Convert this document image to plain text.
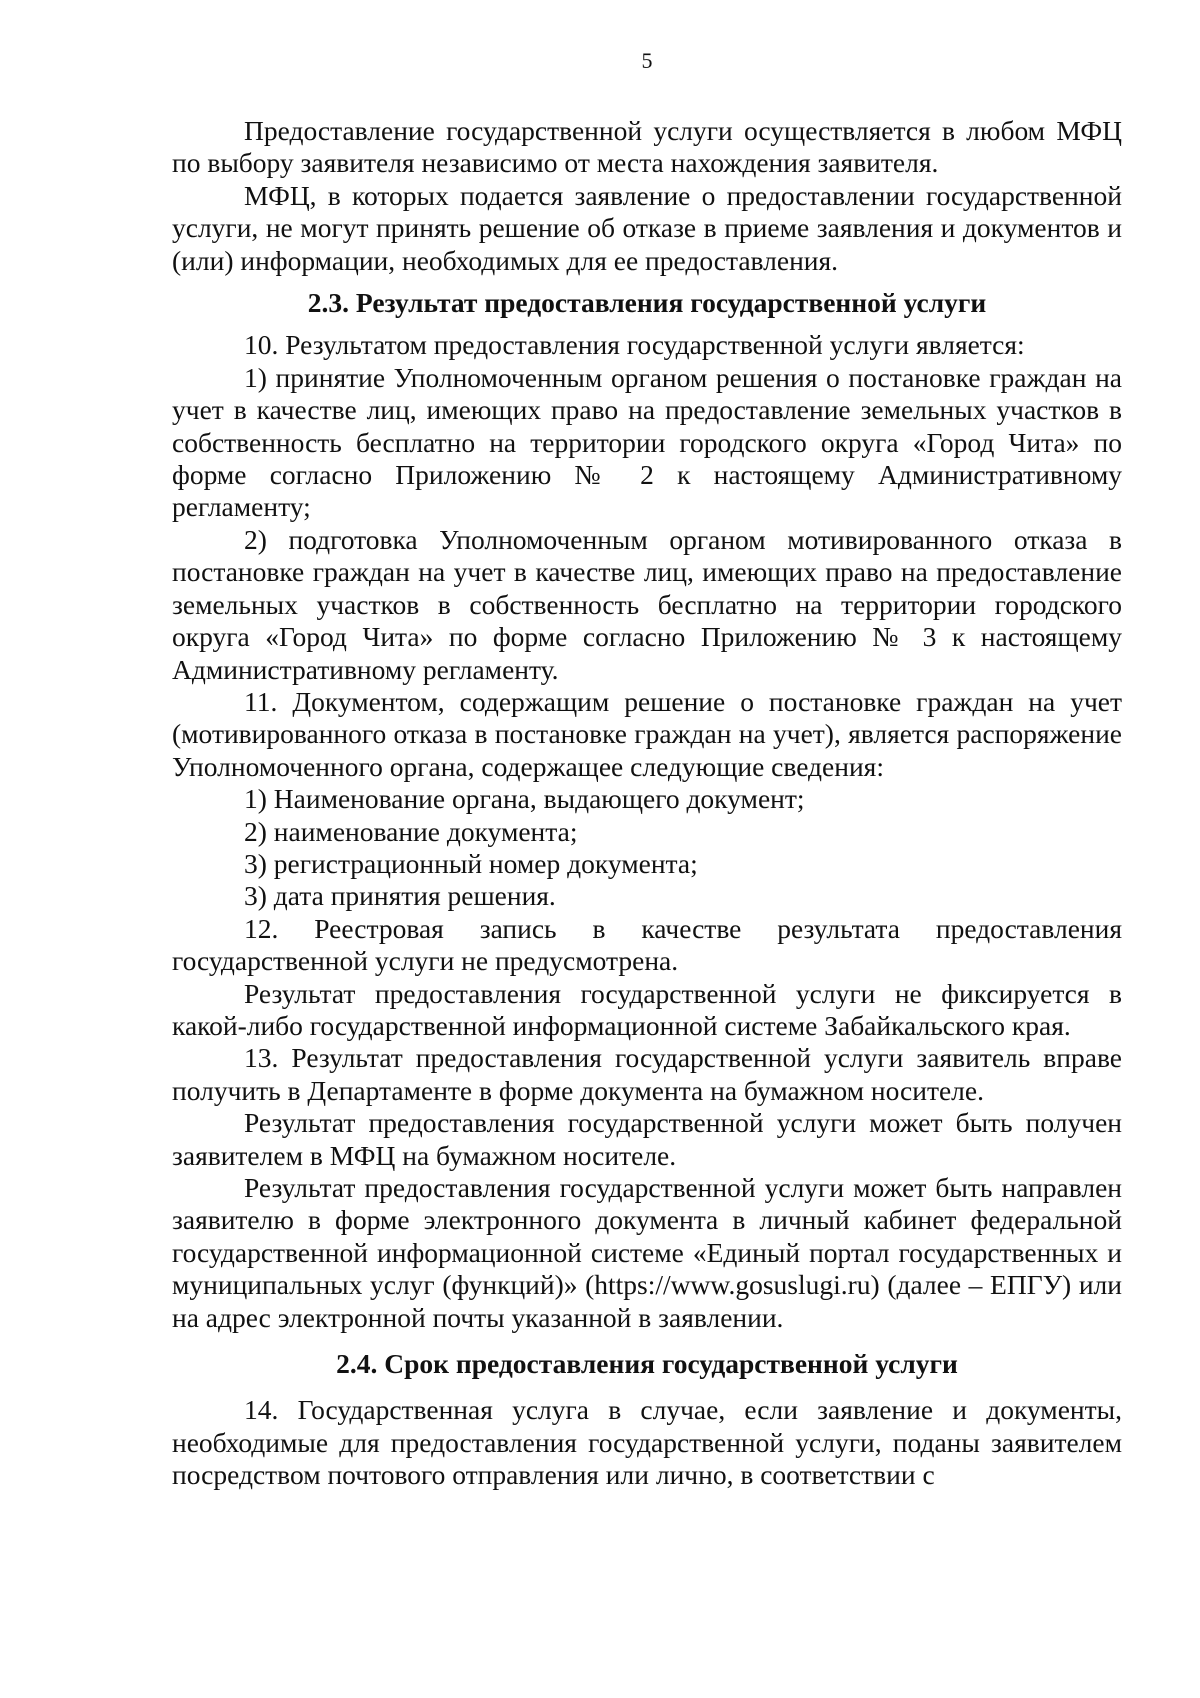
5

Предоставление государственной услуги осуществляется в любом МФЦ по выбору заявителя независимо от места нахождения заявителя.

МФЦ, в которых подается заявление о предоставлении государственной услуги, не могут принять решение об отказе в приеме заявления и документов и (или) информации, необходимых для ее предоставления.

2.3. Результат предоставления государственной услуги

10. Результатом предоставления государственной услуги является:

1) принятие Уполномоченным органом решения о постановке граждан на учет в качестве лиц, имеющих право на предоставление земельных участков в собственность бесплатно на территории городского округа «Город Чита» по форме согласно Приложению № 2 к настоящему Административному регламенту;

2) подготовка Уполномоченным органом мотивированного отказа в постановке граждан на учет в качестве лиц, имеющих право на предоставление земельных участков в собственность бесплатно на территории городского округа «Город Чита» по форме согласно Приложению № 3 к настоящему Административному регламенту.

11. Документом, содержащим решение о постановке граждан на учет (мотивированного отказа в постановке граждан на учет), является распоряжение Уполномоченного органа, содержащее следующие сведения:

1) Наименование органа, выдающего документ;

2) наименование документа;

3) регистрационный номер документа;

3) дата принятия решения.

12. Реестровая запись в качестве результата предоставления государственной услуги не предусмотрена.

Результат предоставления государственной услуги не фиксируется в какой-либо государственной информационной системе Забайкальского края.

13. Результат предоставления государственной услуги заявитель вправе получить в Департаменте в форме документа на бумажном носителе.

Результат предоставления государственной услуги может быть получен заявителем в МФЦ на бумажном носителе.

Результат предоставления государственной услуги может быть направлен заявителю в форме электронного документа в личный кабинет федеральной государственной информационной системе «Единый портал государственных и муниципальных услуг (функций)» (https://www.gosuslugi.ru) (далее – ЕПГУ) или на адрес электронной почты указанной в заявлении.

2.4. Срок предоставления государственной услуги

14. Государственная услуга в случае, если заявление и документы, необходимые для предоставления государственной услуги, поданы заявителем посредством почтового отправления или лично, в соответствии с
